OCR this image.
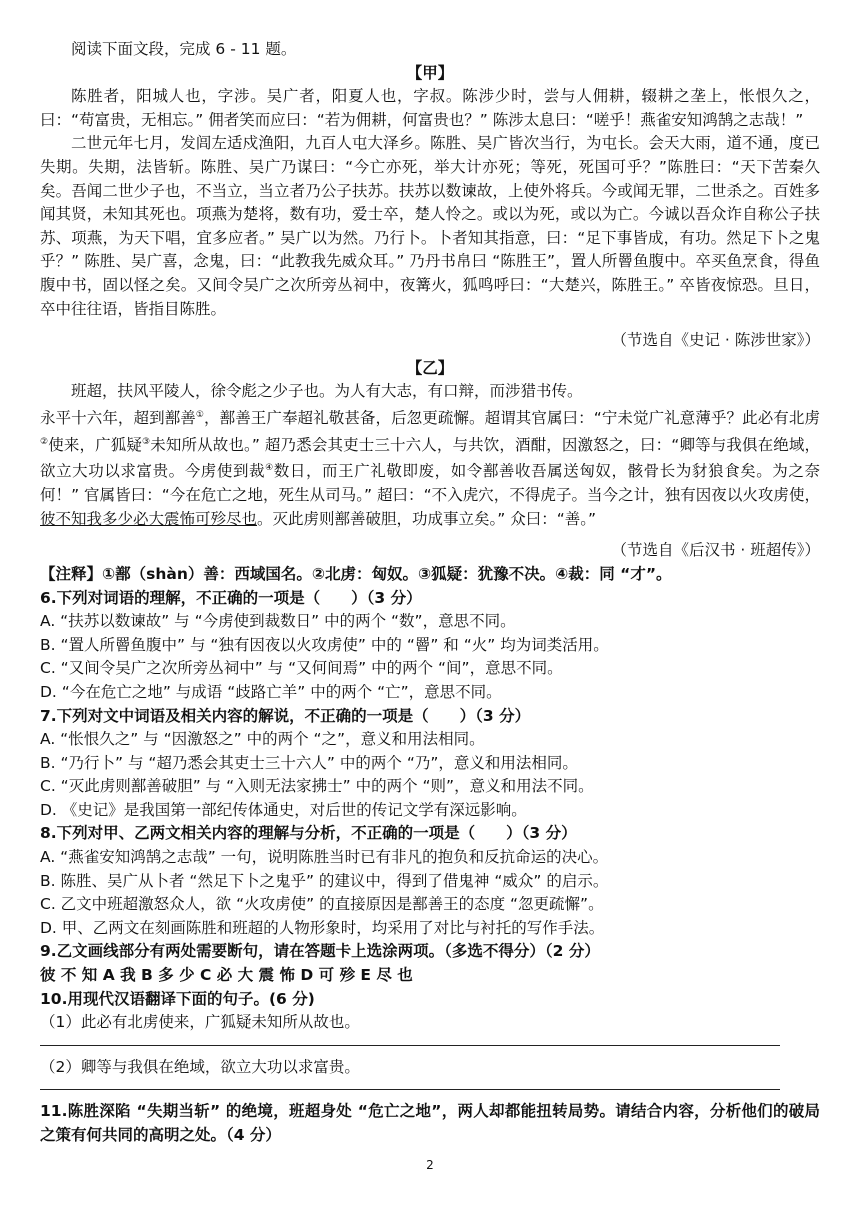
阅读下面文段，完成 6 - 11 题。

【甲】

陈胜者，阳城人也，字涉。吴广者，阳夏人也，字叔。陈涉少时，尝与人佣耕，辍耕之垄上，怅恨久之，曰：“苟富贵，无相忘。” 佣者笑而应曰：“若为佣耕，何富贵也？” 陈涉太息曰：“嗟乎！燕雀安知鸿鹄之志哉！”

二世元年七月，发闾左适戍渔阳，九百人屯大泽乡。陈胜、吴广皆次当行，为屯长。会天大雨，道不通，度已失期。失期，法皆斩。陈胜、吴广乃谋曰：“今亡亦死，举大计亦死；等死，死国可乎？”陈胜曰：“天下苦秦久矣。吾闻二世少子也，不当立，当立者乃公子扶苏。扶苏以数谏故，上使外将兵。今或闻无罪，二世杀之。百姓多闻其贤，未知其死也。项燕为楚将，数有功，爱士卒，楚人怜之。或以为死，或以为亡。今诚以吾众诈自称公子扶苏、项燕，为天下唱，宜多应者。” 吴广以为然。乃行卜。卜者知其指意，曰：“足下事皆成，有功。然足下卜之鬼乎？” 陈胜、吴广喜，念鬼，曰：“此教我先威众耳。” 乃丹书帛曰 “陈胜王”，置人所罾鱼腹中。卒买鱼烹食，得鱼腹中书，固以怪之矣。又间令吴广之次所旁丛祠中，夜篝火，狐鸣呼曰：“大楚兴，陈胜王。” 卒皆夜惊恐。旦日，卒中往往语，皆指目陈胜。

（节选自《史记 · 陈涉世家》）

【乙】

班超，扶风平陵人，徐令彪之少子也。为人有大志，有口辩，而涉猎书传。

永平十六年，超到鄯善①，鄯善王广奉超礼敬甚备，后忽更疏懈。超谓其官属曰：“宁未觉广礼意薄乎？此必有北虏②使来，广狐疑③未知所从故也。” 超乃悉会其吏士三十六人，与共饮，酒酣，因激怒之，曰：“卿等与我俱在绝域，欲立大功以求富贵。今虏使到裁④数日，而王广礼敬即废，如令鄯善收吾属送匈奴，骸骨长为豺狼食矣。为之奈何！” 官属皆曰：“今在危亡之地，死生从司马。” 超曰：“不入虎穴，不得虎子。当今之计，独有因夜以火攻虏使，彼不知我多少必大震怖可殄尽也。灭此虏则鄯善破胆，功成事立矣。” 众曰：“善。”

（节选自《后汉书 · 班超传》）

【注释】①鄯（shàn）善：西域国名。②北虏：匈奴。③狐疑：犹豫不决。④裁：同 “才”。

6.下列对词语的理解，不正确的一项是（　　）（3 分）

A. “扶苏以数谏故” 与 “今虏使到裁数日” 中的两个 “数”，意思不同。

B. “置人所罾鱼腹中” 与 “独有因夜以火攻虏使” 中的 “罾” 和 “火” 均为词类活用。

C. “又间令吴广之次所旁丛祠中” 与 “又何间焉” 中的两个 “间”，意思不同。

D. “今在危亡之地” 与成语 “歧路亡羊” 中的两个 “亡”，意思不同。

7.下列对文中词语及相关内容的解说，不正确的一项是（　　）（3 分）

A. “怅恨久之” 与 “因激怒之” 中的两个 “之”，意义和用法相同。

B. “乃行卜” 与 “超乃悉会其吏士三十六人” 中的两个 “乃”，意义和用法相同。

C. “灭此虏则鄯善破胆” 与 “入则无法家拂士” 中的两个 “则”，意义和用法不同。

D. 《史记》是我国第一部纪传体通史，对后世的传记文学有深远影响。

8.下列对甲、乙两文相关内容的理解与分析，不正确的一项是（　　）（3 分）

A. “燕雀安知鸿鹄之志哉” 一句，说明陈胜当时已有非凡的抱负和反抗命运的决心。

B. 陈胜、吴广从卜者 “然足下卜之鬼乎” 的建议中，得到了借鬼神 “威众” 的启示。

C. 乙文中班超激怒众人，欲 “火攻虏使” 的直接原因是鄯善王的态度 “忽更疏懈”。

D. 甲、乙两文在刻画陈胜和班超的人物形象时，均采用了对比与衬托的写作手法。

9.乙文画线部分有两处需要断句，请在答题卡上选涂两项。（多选不得分）（2 分）

彼 不 知 A 我 B 多 少 C 必 大 震 怖 D 可 殄 E 尽 也

10.用现代汉语翻译下面的句子。(6 分)

（1）此必有北虏使来，广狐疑未知所从故也。

（2）卿等与我俱在绝域，欲立大功以求富贵。

11.陈胜深陷 “失期当斩” 的绝境，班超身处 “危亡之地”，两人却都能扭转局势。请结合内容，分析他们的破局之策有何共同的高明之处。（4 分）

2
